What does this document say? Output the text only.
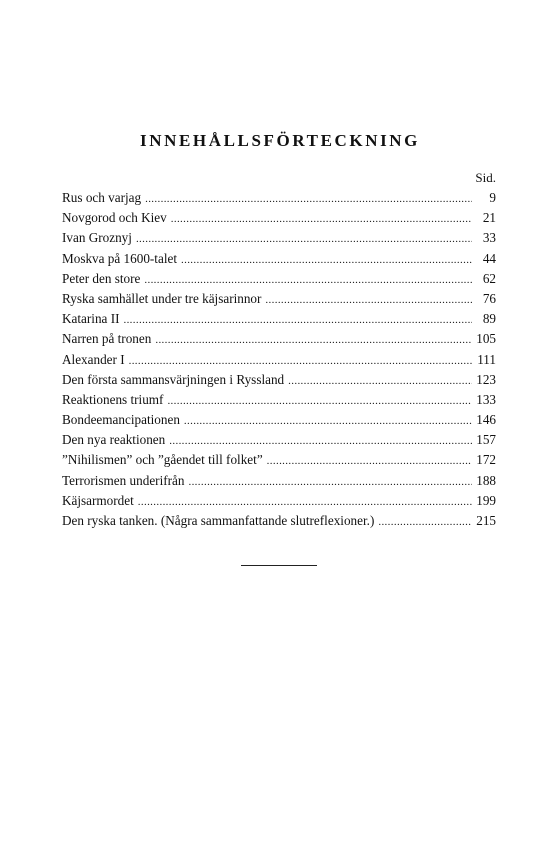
INNEHÅLLSFÖRTECKNING
Sid.
Rus och varjag . . .	9
Novgorod och Kiev . . .	21
Ivan Groznyj . . .	33
Moskva på 1600-talet . . .	44
Peter den store . . .	62
Ryska samhället under tre käjsarinnor . . .	76
Katarina II . . .	89
Narren på tronen . . .	105
Alexander I . . .	111
Den första sammansvärjningen i Ryssland . . .	123
Reaktionens triumf . . .	133
Bondeemancipationen . . .	146
Den nya reaktionen . . .	157
”Nihilismen” och ”gåendet till folket” . . .	172
Terrorismen underifrån . . .	188
Käjsarmordet . . .	199
Den ryska tanken. (Några sammanfattande slutreflexioner.) . . .	215
